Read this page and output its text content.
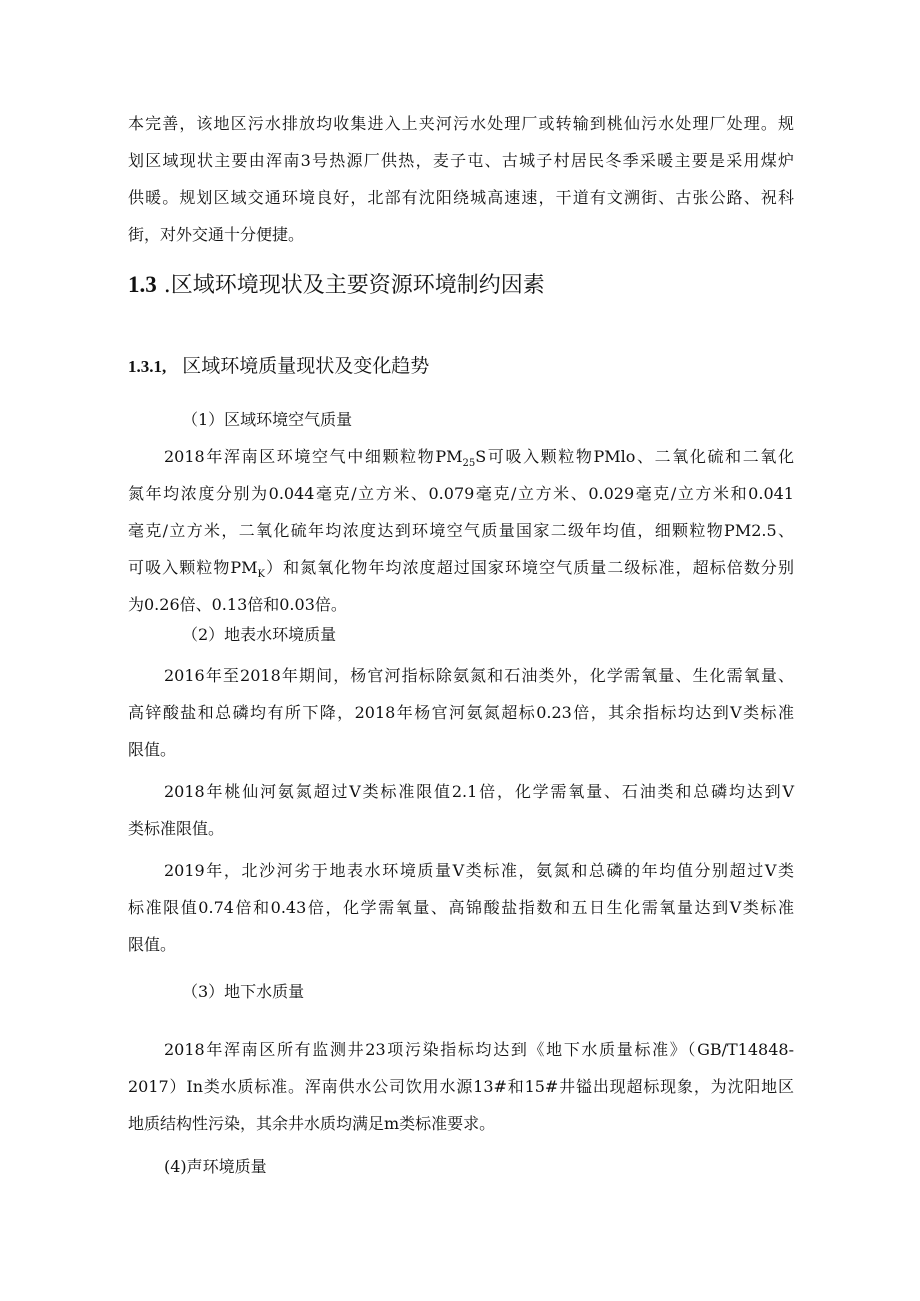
本完善，该地区污水排放均收集进入上夹河污水处理厂或转输到桃仙污水处理厂处理。规
划区域现状主要由浑南3号热源厂供热，麦子屯、古城子村居民冬季采暖主要是采用煤炉
供暖。规划区域交通环境良好，北部有沈阳绕城高速速，干道有文溯街、古张公路、祝科
街，对外交通十分便捷。

1.3 .区域环境现状及主要资源环境制约因素
1.3.1, 区域环境质量现状及变化趋势
（1）区域环境空气质量

2018年浑南区环境空气中细颗粒物$PM_{25}S$可吸入颗粒物PMlo、二氧化硫和二氧化
氮年均浓度分别为0.044毫克/立方米、0.079毫克/立方米、0.029毫克/立方米和0.041
毫克/立方米，二氧化硫年均浓度达到环境空气质量国家二级年均值，细颗粒物PM2.5、
可吸入颗粒物$PM_K$）和氮氧化物年均浓度超过国家环境空气质量二级标准，超标倍数分别
为0.26倍、0.13倍和0.03倍。

（2）地表水环境质量

2016年至2018年期间，杨官河指标除氨氮和石油类外，化学需氧量、生化需氧量、
高锌酸盐和总磷均有所下降，2018年杨官河氨氮超标0.23倍，其余指标均达到V类标准
限值。

2018年桃仙河氨氮超过V类标准限值2.1倍，化学需氧量、石油类和总磷均达到V
类标准限值。

2019年，北沙河劣于地表水环境质量V类标准，氨氮和总磷的年均值分别超过V类
标准限值0.74倍和0.43倍，化学需氧量、高锦酸盐指数和五日生化需氧量达到V类标准
限值。

（3）地下水质量

2018年浑南区所有监测井23项污染指标均达到《地下水质量标准》（GB/T14848-
2017）In类水质标准。浑南供水公司饮用水源13#和15#井镒出现超标现象，为沈阳地区
地质结构性污染，其余井水质均满足m类标准要求。

(4)声环境质量
